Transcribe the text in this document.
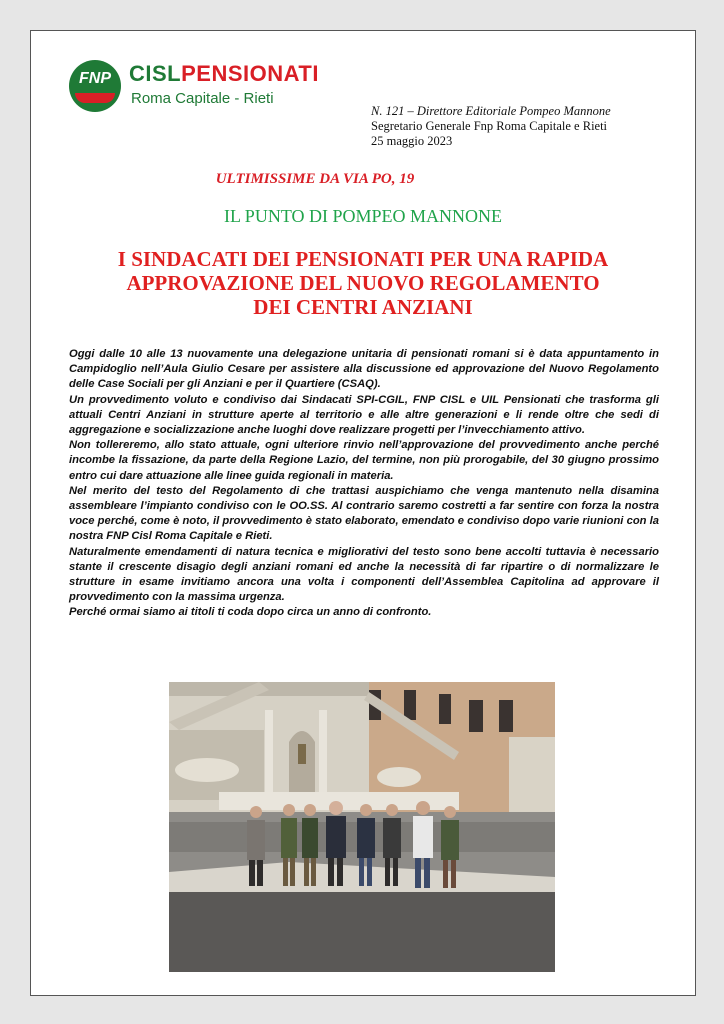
FNP CISLPENSIONATI
Roma Capitale - Rieti
N. 121 – Direttore Editoriale Pompeo Mannone
Segretario Generale Fnp Roma Capitale e Rieti
25 maggio 2023
ULTIMISSIME DA VIA PO, 19
IL PUNTO DI POMPEO MANNONE
I SINDACATI DEI PENSIONATI PER UNA RAPIDA
APPROVAZIONE DEL NUOVO REGOLAMENTO
DEI CENTRI ANZIANI

Oggi dalle 10 alle 13 nuovamente una delegazione unitaria di pensionati romani si è data appuntamento in Campidoglio nell’Aula Giulio Cesare per assistere alla discussione ed approvazione del Nuovo Regolamento delle Case Sociali per gli Anziani e per il Quartiere (CSAQ).

Un provvedimento voluto e condiviso dai Sindacati SPI-CGIL, FNP CISL e UIL Pensionati che trasforma gli attuali Centri Anziani in strutture aperte al territorio e alle altre generazioni e li rende oltre che sedi di aggregazione e socializzazione anche luoghi dove realizzare progetti per l’invecchiamento attivo.

Non tollereremo, allo stato attuale, ogni ulteriore rinvio nell’approvazione del provvedimento anche perché incombe la fissazione, da parte della Regione Lazio, del termine, non più prorogabile, del 30 giugno prossimo entro cui dare attuazione alle linee guida regionali in materia.

Nel merito del testo del Regolamento di che trattasi auspichiamo che venga mantenuto nella disamina assembleare l’impianto condiviso con le OO.SS. Al contrario saremo costretti a far sentire con forza la nostra voce perché, come è noto, il provvedimento è stato elaborato, emendato e condiviso dopo varie riunioni con la nostra FNP Cisl Roma Capitale e Rieti.

Naturalmente emendamenti di natura tecnica e migliorativi del testo sono bene accolti tuttavia è necessario stante il crescente disagio degli anziani romani ed anche la necessità di far ripartire o di normalizzare le strutture in esame invitiamo ancora una volta i componenti dell’Assemblea Capitolina ad approvare il provvedimento con la massima urgenza.

Perché ormai siamo ai titoli ti coda dopo circa un anno di confronto.
